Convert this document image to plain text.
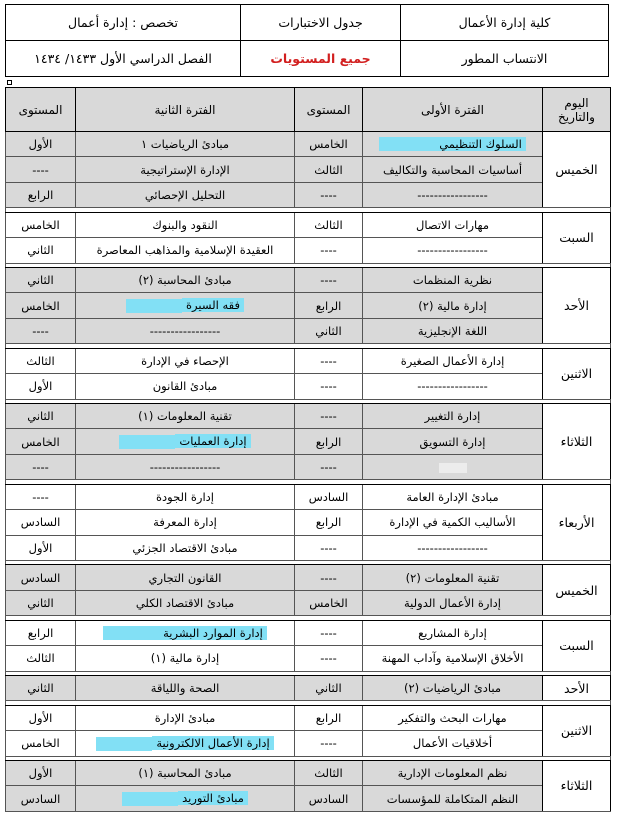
كلية إدارة الأعمال	جدول الاختبارات	تخصص : إدارة أعمال
الانتساب المطور	جميع المستويات	الفصل الدراسي الأول ١٤٣٣/ ١٤٣٤
اليوم والتاريخ	الفترة الأولى	المستوى	الفترة الثانية	المستوى
الخميس	السلوك التنظيمي	الخامس	مبادئ الرياضيات ١	الأول
	أساسيات المحاسبة والتكاليف	الثالث	الإدارة الإستراتيجية	----
	-----------------	----	التحليل الإحصائي	الرابع

السبت	مهارات الاتصال	الثالث	النقود والبنوك	الخامس
	-----------------	----	العقيدة الإسلامية والمذاهب المعاصرة	الثاني

الأحد	نظرية المنظمات	----	مبادئ المحاسبة (٢)	الثاني
	إدارة مالية (٢)	الرابع	فقه السيرة	الخامس
	اللغة الإنجليزية	الثاني	-----------------	----

الاثنين	إدارة الأعمال الصغيرة	----	الإحصاء في الإدارة	الثالث
	-----------------	----	مبادئ القانون	الأول

الثلاثاء	إدارة التغيير	----	تقنية المعلومات (١)	الثاني
	إدارة التسويق	الرابع	إدارة العمليات	الخامس
		----	-----------------	----

الأربعاء	مبادئ الإدارة العامة	السادس	إدارة الجودة	----
	الأساليب الكمية في الإدارة	الرابع	إدارة المعرفة	السادس
	-----------------	----	مبادئ الاقتصاد الجزئي	الأول

الخميس	تقنية المعلومات (٢)	----	القانون التجاري	السادس
	إدارة الأعمال الدولية	الخامس	مبادئ الاقتصاد الكلي	الثاني

السبت	إدارة المشاريع	----	إدارة الموارد البشرية	الرابع
	الأخلاق الإسلامية وآداب المهنة	----	إدارة مالية (١)	الثالث

الأحد	مبادئ الرياضيات (٢)	الثاني	الصحة واللياقة	الثاني

الاثنين	مهارات البحث والتفكير	الرابع	مبادئ الإدارة	الأول
	أخلاقيات الأعمال	----	إدارة الأعمال الالكترونية	الخامس

الثلاثاء	نظم المعلومات الإدارية	الثالث	مبادئ المحاسبة (١)	الأول
	النظم المتكاملة للمؤسسات	السادس	مبادئ التوريد	السادس
